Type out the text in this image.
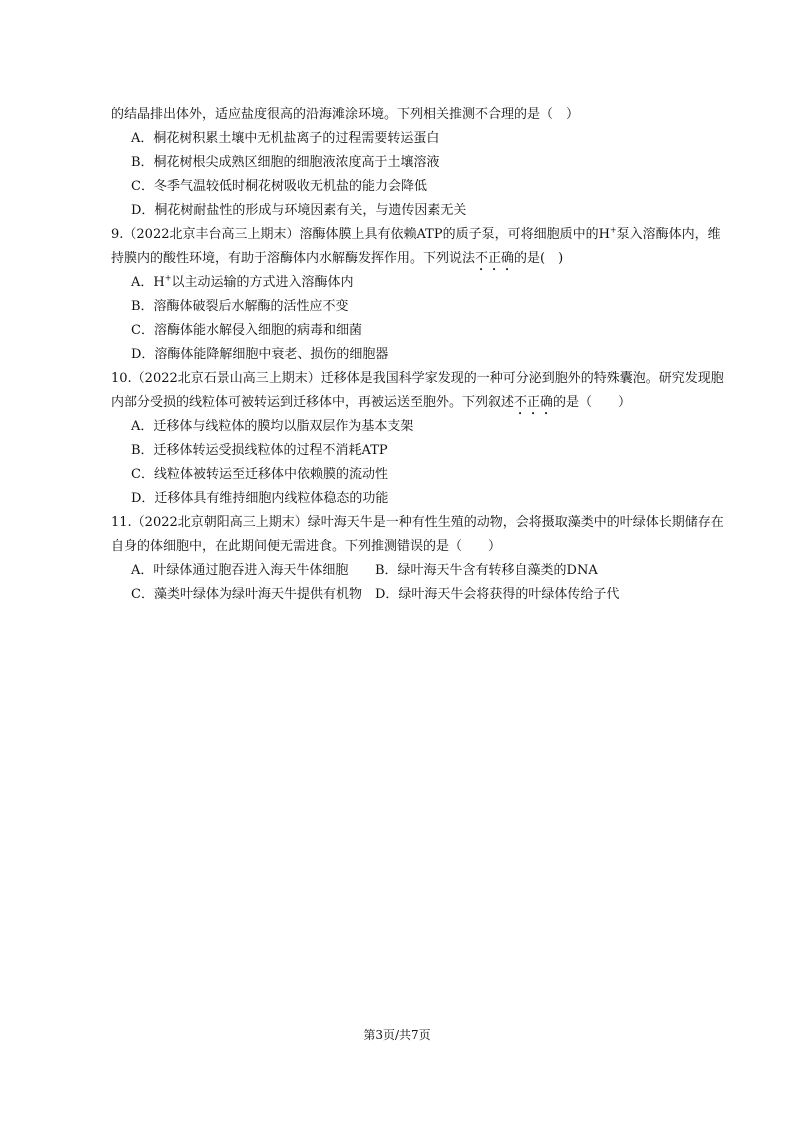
的结晶排出体外，适应盐度很高的沿海滩涂环境。下列相关推测不合理的是（　）
A．桐花树积累土壤中无机盐离子的过程需要转运蛋白
B．桐花树根尖成熟区细胞的细胞液浓度高于土壤溶液
C．冬季气温较低时桐花树吸收无机盐的能力会降低
D．桐花树耐盐性的形成与环境因素有关，与遗传因素无关
9.（2022北京丰台高三上期末）溶酶体膜上具有依赖ATP的质子泵，可将细胞质中的H+泵入溶酶体内，维
持膜内的酸性环境，有助于溶酶体内水解酶发挥作用。下列说法不正确的是(　)
A．H+以主动运输的方式进入溶酶体内
B．溶酶体破裂后水解酶的活性应不变
C．溶酶体能水解侵入细胞的病毒和细菌
D．溶酶体能降解细胞中衰老、损伤的细胞器
10.（2022北京石景山高三上期末）迁移体是我国科学家发现的一种可分泌到胞外的特殊囊泡。研究发现胞
内部分受损的线粒体可被转运到迁移体中，再被运送至胞外。下列叙述不正确的是（　　）
A．迁移体与线粒体的膜均以脂双层作为基本支架
B．迁移体转运受损线粒体的过程不消耗ATP
C．线粒体被转运至迁移体中依赖膜的流动性
D．迁移体具有维持细胞内线粒体稳态的功能
11.（2022北京朝阳高三上期末）绿叶海天牛是一种有性生殖的动物，会将摄取藻类中的叶绿体长期储存在
自身的体细胞中，在此期间便无需进食。下列推测错误的是（　　）
A．叶绿体通过胞吞进入海天牛体细胞 B．绿叶海天牛含有转移自藻类的DNA
C．藻类叶绿体为绿叶海天牛提供有机物 D．绿叶海天牛会将获得的叶绿体传给子代
第3页/共7页
